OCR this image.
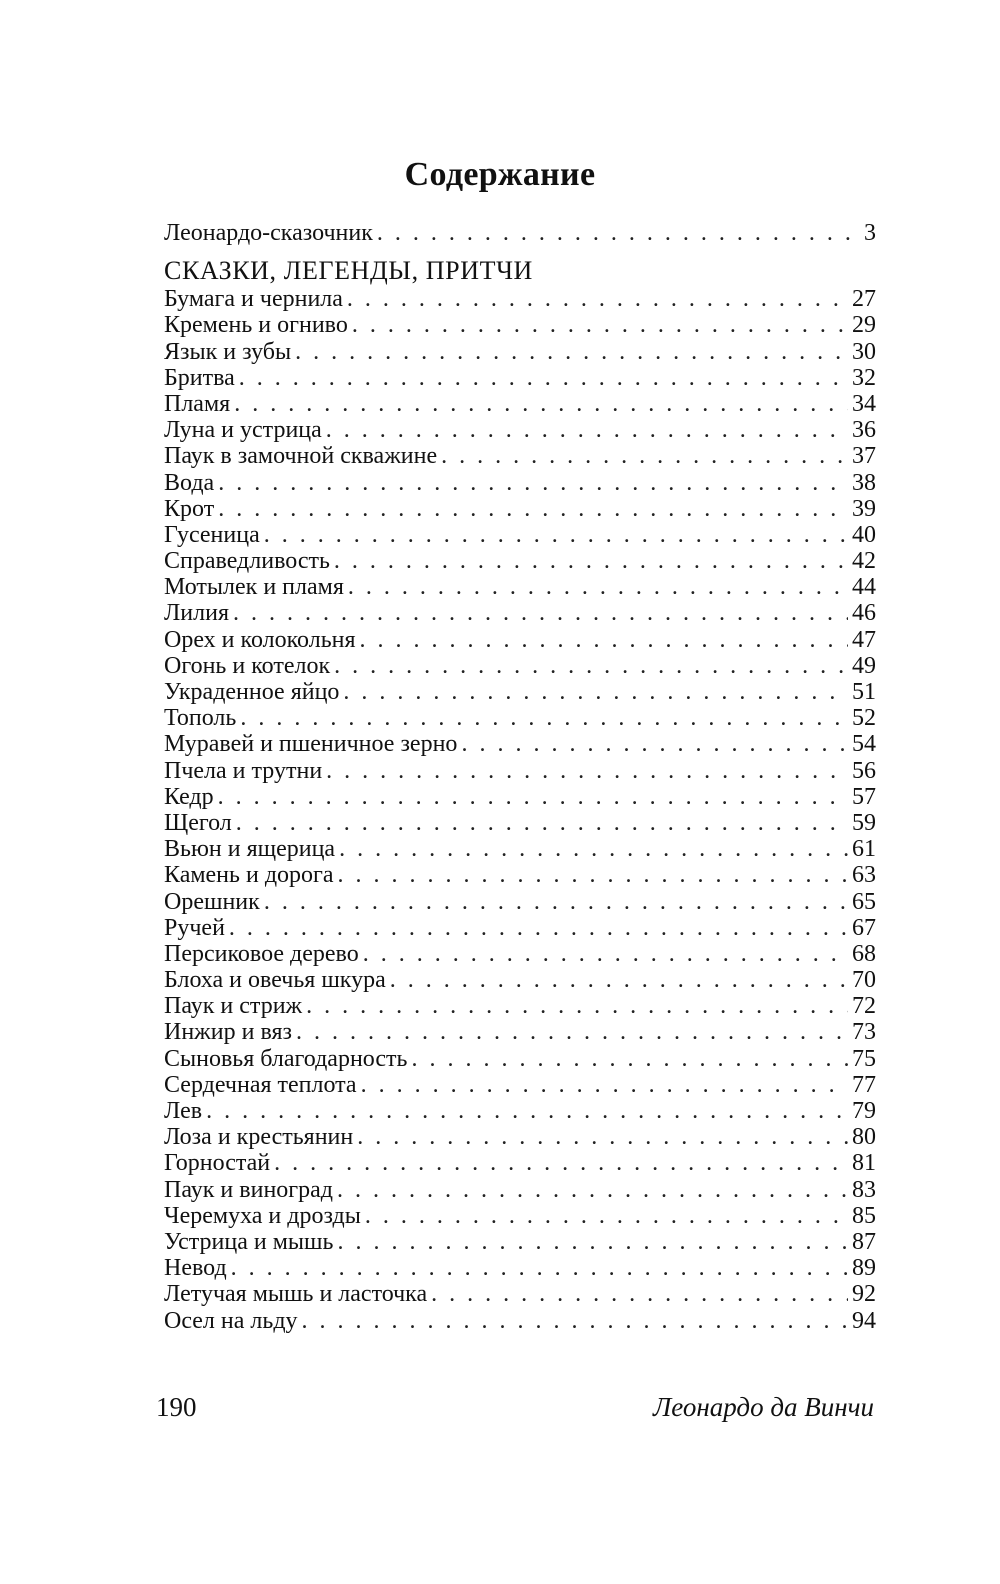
Содержание
Леонардо-сказочник . . .	3
СКАЗКИ, ЛЕГЕНДЫ, ПРИТЧИ
Бумага и чернила . . .	27
Кремень и огниво . . .	29
Язык и зубы . . .	30
Бритва . . .	32
Пламя . . .	34
Луна и устрица . . .	36
Паук в замочной скважине . . .	37
Вода . . .	38
Крот . . .	39
Гусеница . . .	40
Справедливость . . .	42
Мотылек и пламя . . .	44
Лилия . . .	46
Орех и колокольня . . .	47
Огонь и котелок . . .	49
Украденное яйцо . . .	51
Тополь . . .	52
Муравей и пшеничное зерно . . .	54
Пчела и трутни . . .	56
Кедр . . .	57
Щегол . . .	59
Вьюн и ящерица . . .	61
Камень и дорога . . .	63
Орешник . . .	65
Ручей . . .	67
Персиковое дерево . . .	68
Блоха и овечья шкура . . .	70
Паук и стриж . . .	72
Инжир и вяз . . .	73
Сыновья благодарность . . .	75
Сердечная теплота . . .	77
Лев . . .	79
Лоза и крестьянин . . .	80
Горностай . . .	81
Паук и виноград . . .	83
Черемуха и дрозды . . .	85
Устрица и мышь . . .	87
Невод . . .	89
Летучая мышь и ласточка . . .	92
Осел на льду . . .	94
190	Леонардо да Винчи
